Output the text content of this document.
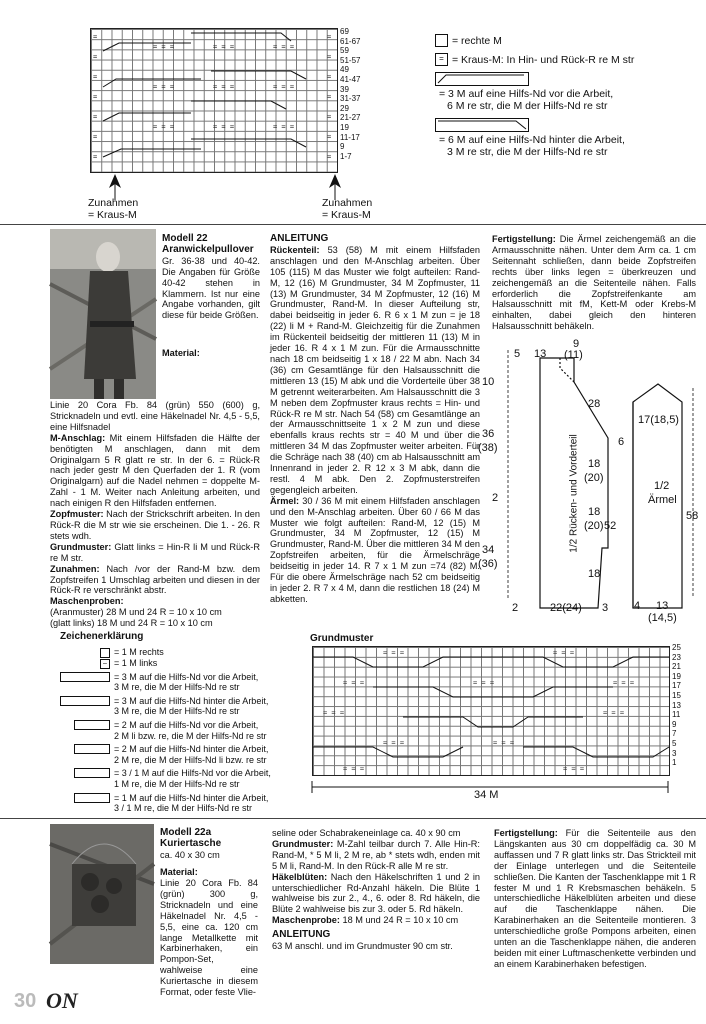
=
=
=
=
=
=
=
=
=
=
=
=
=
=
= = =	= = =	= = =
= = =	= = =	= = =
= = =	= = =	= = =
69
61-67
59
51-57
49
41-47
39
31-37
29
21-27
19
11-17
9
1-7
Zunahmen
= Kraus-M
Zunahmen
= Kraus-M
= rechte M
= = Kraus-M: In Hin- und Rück-R re M str
= 3 M auf eine Hilfs-Nd vor die Arbeit,
6 M re str, die M der Hilfs-Nd re str
= 6 M auf eine Hilfs-Nd hinter die Arbeit,
3 M re str, die M der Hilfs-Nd re str
Modell 22
Aranwickelpullover
Gr. 36-38 und 40-42. Die Angaben für Größe 40-42 stehen in Klammern. Ist nur eine Angabe vorhanden, gilt diese für beide Größen.
Material:
Linie 20 Cora Fb. 84 (grün) 550 (600) g, Stricknadeln und evtl. eine Häkelnadel Nr. 4,5 - 5,5, eine Hilfsnadel
M-Anschlag: Mit einem Hilfsfaden die Hälfte der benötigten M anschlagen, dann mit dem Originalgarn 5 R glatt re str. In der 6. = Rück-R nach jeder gestr M den Querfaden der 1. R (vom Originalgarn) auf die Nadel nehmen = doppelte M-Zahl - 1 M. Weiter nach Anleitung arbeiten, und nach einigen R den Hilfsfaden entfernen.
Zopfmuster: Nach der Strickschrift arbeiten. In den Rück-R die M str wie sie erscheinen. Die 1. - 26. R stets wdh.
Grundmuster: Glatt links = Hin-R li M und Rück-R re M str.
Zunahmen: Nach /vor der Rand-M bzw. dem Zopfstreifen 1 Umschlag arbeiten und diesen in der Rück-R re verschränkt abstr.
Maschenproben:
(Aranmuster) 28 M und 24 R = 10 x 10 cm
(glatt links) 18 M und 24 R = 10 x 10 cm
ANLEITUNG
Rückenteil: 53 (58) M mit einem Hilfsfaden anschlagen und den M-Anschlag arbeiten. Über 105 (115) M das Muster wie folgt aufteilen: Rand-M, 12 (16) M Grundmuster, 34 M Zopfmuster, 11 (13) M Grundmuster, 34 M Zopfmuster, 12 (16) M Grundmuster, Rand-M. In dieser Aufteilung str, dabei beidseitig in jeder 6. R 6 x 1 M zun = je 18 (22) li M + Rand-M. Gleichzeitig für die Zunahmen im Rückenteil beidseitig der mittleren 11 (13) M in jeder 16. R 4 x 1 M zun. Für die Armausschnitte nach 18 cm beidseitig 1 x 18 / 22 M abn. Nach 34 (36) cm Gesamtlänge für den Halsausschnitt die mittleren 13 (15) M abk und die Vorderteile über 38 M getrennt weiterarbeiten. Am Halsausschnitt die 3 M neben dem Zopfmuster kraus rechts = Hin- und Rück-R re M str. Nach 54 (58) cm Gesamtlänge an der Armausschnittseite 1 x 2 M zun und diese ebenfalls kraus rechts str = 40 M und über die mittleren 34 M das Zopfmuster weiter arbeiten. Für die Schräge nach 38 (40) cm ab Halsausschnitt am Innenrand in jeder 2. R 12 x 3 M abk, dann die restl. 4 M abk. Den 2. Zopfmusterstreifen gegengleich arbeiten.
Ärmel: 30 / 36 M mit einem Hilfsfaden anschlagen und den M-Anschlag arbeiten. Über 60 / 66 M das Muster wie folgt aufteilen: Rand-M, 12 (15) M Grundmuster, 34 M Zopfmuster, 12 (15) M Grundmuster, Rand-M. Über die mittleren 34 M den Zopfstreifen arbeiten, für die Ärmelschräge beidseitig in jeder 14. R 7 x 1 M zun =74 (82) M. Für die obere Ärmelschräge nach 52 cm beidseitig in jeder 2. R 7 x 4 M, dann die restlichen 18 (24) M abketten.
Fertigstellung: Die Ärmel zeichengemäß an die Armausschnitte nähen. Unter dem Arm ca. 1 cm Seitennaht schließen, dann beide Zopfstreifen rechts über links legen = überkreuzen und zeichengemäß an die Seitenteile nähen. Falls erforderlich die Zopfstreifenkante am Halsausschnitt mit fM, Kett-M oder Krebs-M einhalten, dabei gleich den hinteren Halsausschnitt behäkeln.
5 13
9
(11)
10
28
36
(38)
2
18
(20)
18
(20)
34
(36)
18
2	22(24) 3
1/2 Rücken- und Vorderteil
17(18,5)
6
1/2
Ärmel
52
58
4 13
(14,5)
Zeichenerklärung
= 1 M rechts
– = 1 M links
= 3 M auf die Hilfs-Nd vor die Arbeit,
3 M re, die M der Hilfs-Nd re str
= 3 M auf die Hilfs-Nd hinter die Arbeit,
3 M re, die M der Hilfs-Nd re str
= 2 M auf die Hilfs-Nd vor die Arbeit,
2 M li bzw. re, die M der Hilfs-Nd re str
= 2 M auf die Hilfs-Nd hinter die Arbeit,
2 M re, die M der Hilfs-Nd li bzw. re str
= 3 / 1 M auf die Hilfs-Nd vor die Arbeit,
1 M re, die M der Hilfs-Nd re str
= 1 M auf die Hilfs-Nd hinter die Arbeit,
3 / 1 M re, die M der Hilfs-Nd re str
Grundmuster
= = =	= = =
= = =	= = =	= = =
= = =	= = =
= = =	= = =
= = =	= = =
25
23
21
19
17
15
13
11
9
7
5
3
1
34 M
Modell 22a
Kuriertasche
ca. 40 x 30 cm
Material:
Linie 20 Cora Fb. 84 (grün) 300 g, Stricknadeln und eine Häkelnadel Nr. 4,5 - 5,5, eine ca. 120 cm lange Metallkette mit Karbinerhaken, ein Pompon-Set, wahlweise eine Kuriertasche in diesem Format, oder feste Vlie-
seline oder Schabrakeneinlage ca. 40 x 90 cm
Grundmuster: M-Zahl teilbar durch 7. Alle Hin-R: Rand-M, * 5 M li, 2 M re, ab * stets wdh, enden mit 5 M li, Rand-M. In den Rück-R alle M re str.
Häkelblüten: Nach den Häkelschriften 1 und 2 in unterschiedlicher Rd-Anzahl häkeln. Die Blüte 1 wahlweise bis zur 2., 4., 6. oder 8. Rd häkeln, die Blüte 2 wahlweise bis zur 3. oder 5. Rd häkeln.
Maschenprobe: 18 M und 24 R = 10 x 10 cm
ANLEITUNG
63 M anschl. und im Grundmuster 90 cm str.
Fertigstellung: Für die Seitenteile aus den Längskanten aus 30 cm doppelfädig ca. 30 M auffassen und 7 R glatt links str. Das Strickteil mit der Einlage unterlegen und die Seitenteile schließen. Die Kanten der Taschenklappe mit 1 R fester M und 1 R Krebsmaschen behäkeln. 5 unterschiedliche Häkelblüten arbeiten und diese auf die Taschenklappe nähen. Die Karabinerhaken an die Seitenteile montieren. 3 unterschiedliche große Pompons arbeiten, einen unten an die Taschenklappe nähen, die anderen beiden mit einer Luftmaschenkette verbinden und an einem Karabinerhaken befestigen.
30 ON
